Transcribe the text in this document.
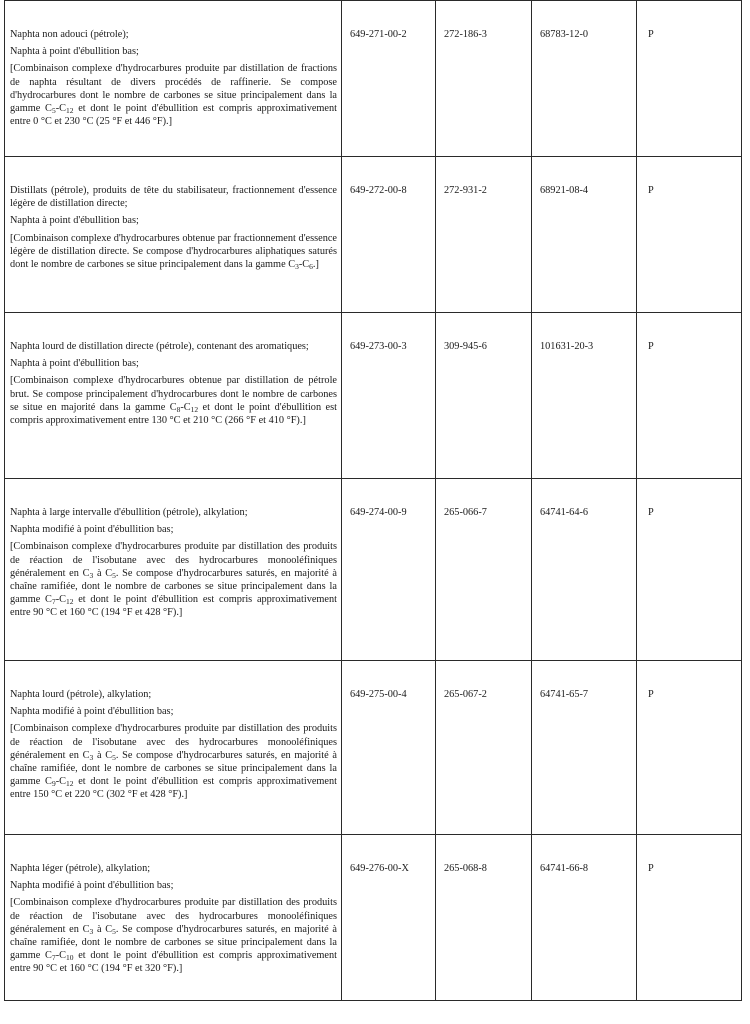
Naphta non adouci (pétrole);

Naphta à point d'ébullition bas;

[Combinaison complexe d'hydrocarbures produite par distillation de fractions de naphta résultant de divers procédés de raffinerie. Se compose d'hydrocarbures dont le nombre de carbones se situe principalement dans la gamme $C_5-C_{12}$ et dont le point d'ébullition est compris approximativement entre 0 °C et 230 °C (25 °F et 446 °F).]	649-271-00-2	272-186-3	68783-12-0	P

Distillats (pétrole), produits de tête du stabilisateur, fractionnement d'essence légère de distillation directe;

Naphta à point d'ébullition bas;

[Combinaison complexe d'hydrocarbures obtenue par fractionnement d'essence légère de distillation directe. Se compose d'hydrocarbures aliphatiques saturés dont le nombre de carbones se situe principalement dans la gamme $C_3-C_6$.]	649-272-00-8	272-931-2	68921-08-4	P

Naphta lourd de distillation directe (pétrole), contenant des aromatiques;

Naphta à point d'ébullition bas;

[Combinaison complexe d'hydrocarbures obtenue par distillation de pétrole brut. Se compose principalement d'hydrocarbures dont le nombre de carbones se situe en majorité dans la gamme $C_8-C_{12}$ et dont le point d'ébullition est compris approximativement entre 130 °C et 210 °C (266 °F et 410 °F).]	649-273-00-3	309-945-6	101631-20-3	P

Naphta à large intervalle d'ébullition (pétrole), alkylation;

Naphta modifié à point d'ébullition bas;

[Combinaison complexe d'hydrocarbures produite par distillation des produits de réaction de l'isobutane avec des hydrocarbures monooléfiniques généralement en $C_3$ à $C_5$. Se compose d'hydrocarbures saturés, en majorité à chaîne ramifiée, dont le nombre de carbones se situe principalement dans la gamme $C_7-C_{12}$ et dont le point d'ébullition est compris approximativement entre 90 °C et 160 °C (194 °F et 428 °F).]	649-274-00-9	265-066-7	64741-64-6	P

Naphta lourd (pétrole), alkylation;

Naphta modifié à point d'ébullition bas;

[Combinaison complexe d'hydrocarbures produite par distillation des produits de réaction de l'isobutane avec des hydrocarbures monooléfiniques généralement en $C_3$ à $C_5$. Se compose d'hydrocarbures saturés, en majorité à chaîne ramifiée, dont le nombre de carbones se situe principalement dans la gamme $C_9-C_{12}$ et dont le point d'ébullition est compris approximativement entre 150 °C et 220 °C (302 °F et 428 °F).]	649-275-00-4	265-067-2	64741-65-7	P

Naphta léger (pétrole), alkylation;

Naphta modifié à point d'ébullition bas;

[Combinaison complexe d'hydrocarbures produite par distillation des produits de réaction de l'isobutane avec des hydrocarbures monooléfiniques généralement en $C_3$ à $C_5$. Se compose d'hydrocarbures saturés, en majorité à chaîne ramifiée, dont le nombre de carbones se situe principalement dans la gamme $C_7-C_{10}$ et dont le point d'ébullition est compris approximativement entre 90 °C et 160 °C (194 °F et 320 °F).]	649-276-00-X	265-068-8	64741-66-8	P
